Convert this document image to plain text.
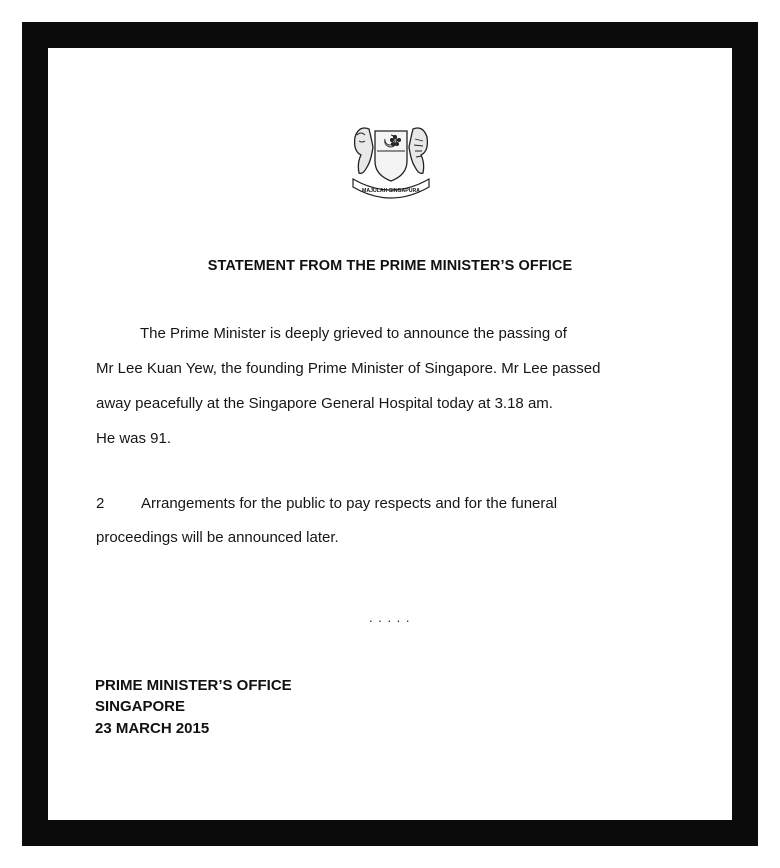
MAJULAH SINGAPURA
STATEMENT FROM THE PRIME MINISTER’S OFFICE
The Prime Minister is deeply grieved to announce the passing of
Mr Lee Kuan Yew, the founding Prime Minister of Singapore. Mr Lee passed
away peacefully at the Singapore General Hospital today at 3.18 am.
He was 91.
2 Arrangements for the public to pay respects and for the funeral
proceedings will be announced later.
. . . . .
PRIME MINISTER’S OFFICE
SINGAPORE
23 MARCH 2015
